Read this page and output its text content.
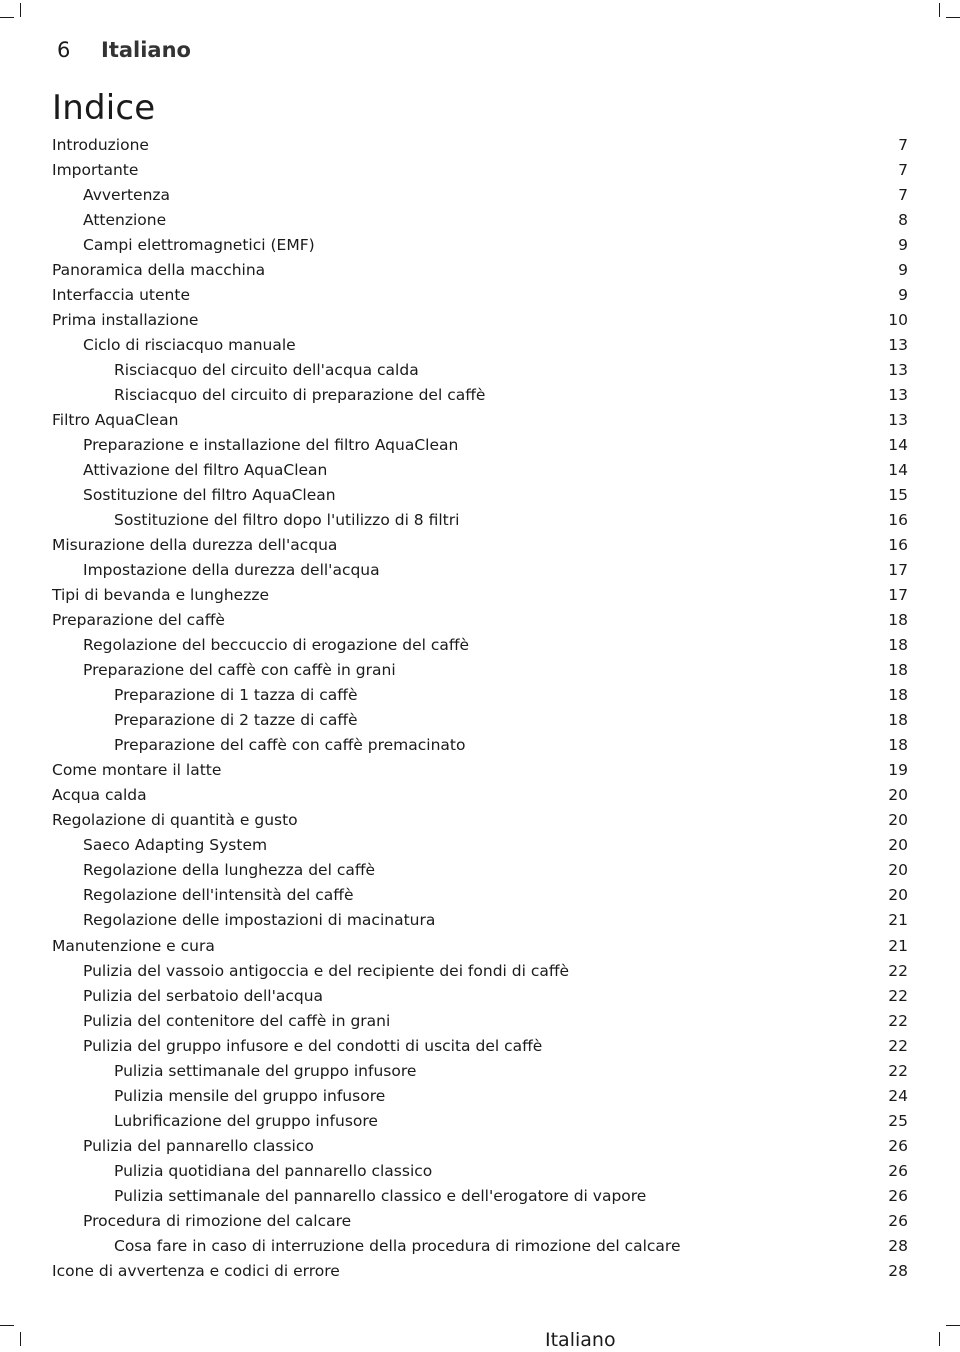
6	Italiano
Indice
Introduzione	7
Importante	7
Avvertenza	7
Attenzione	8
Campi elettromagnetici (EMF)	9
Panoramica della macchina	9
Interfaccia utente	9
Prima installazione	10
Ciclo di risciacquo manuale	13
Risciacquo del circuito dell'acqua calda	13
Risciacquo del circuito di preparazione del caffè	13
Filtro AquaClean	13
Preparazione e installazione del filtro AquaClean	14
Attivazione del filtro AquaClean	14
Sostituzione del filtro AquaClean	15
Sostituzione del filtro dopo l'utilizzo di 8 filtri	16
Misurazione della durezza dell'acqua	16
Impostazione della durezza dell'acqua	17
Tipi di bevanda e lunghezze	17
Preparazione del caffè	18
Regolazione del beccuccio di erogazione del caffè	18
Preparazione del caffè con caffè in grani	18
Preparazione di 1 tazza di caffè	18
Preparazione di 2 tazze di caffè	18
Preparazione del caffè con caffè premacinato	18
Come montare il latte	19
Acqua calda	20
Regolazione di quantità e gusto	20
Saeco Adapting System	20
Regolazione della lunghezza del caffè	20
Regolazione dell'intensità del caffè	20
Regolazione delle impostazioni di macinatura	21
Manutenzione e cura	21
Pulizia del vassoio antigoccia e del recipiente dei fondi di caffè	22
Pulizia del serbatoio dell'acqua	22
Pulizia del contenitore del caffè in grani	22
Pulizia del gruppo infusore e del condotti di uscita del caffè	22
Pulizia settimanale del gruppo infusore	22
Pulizia mensile del gruppo infusore	24
Lubrificazione del gruppo infusore	25
Pulizia del pannarello classico	26
Pulizia quotidiana del pannarello classico	26
Pulizia settimanale del pannarello classico e dell'erogatore di vapore	26
Procedura di rimozione del calcare	26
Cosa fare in caso di interruzione della procedura di rimozione del calcare	28
Icone di avvertenza e codici di errore	28
Italiano
